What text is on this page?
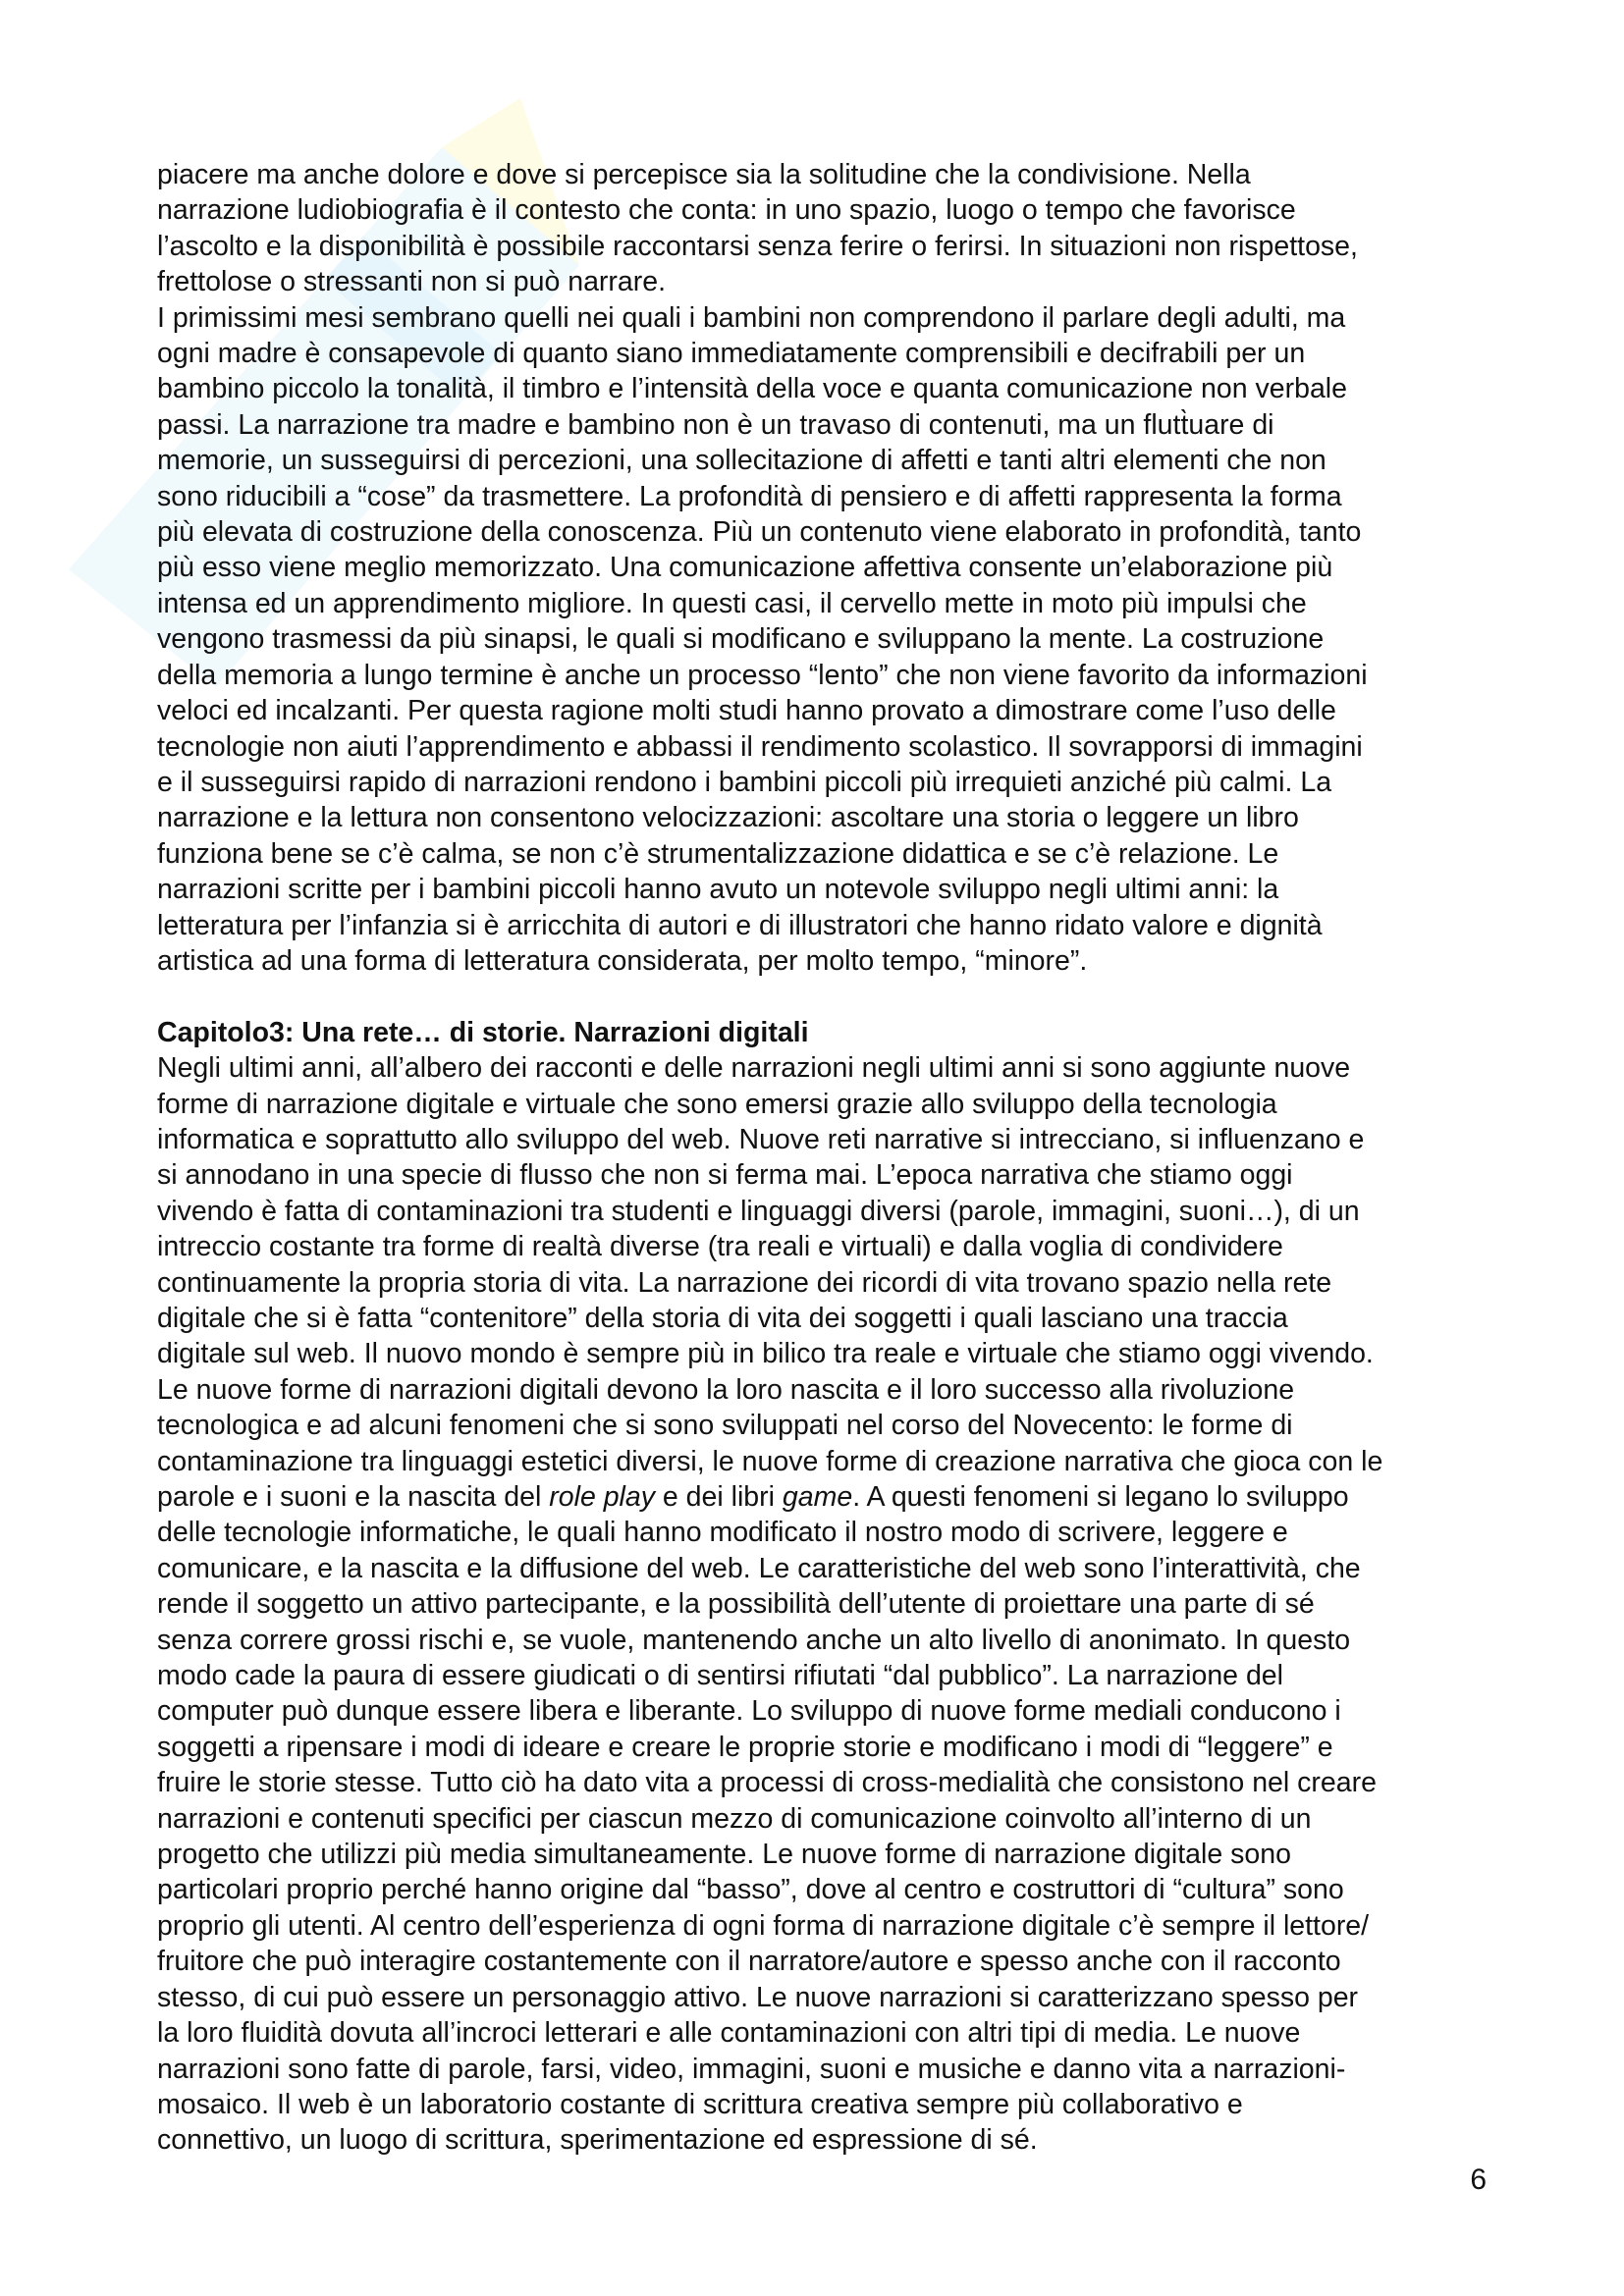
piacere ma anche dolore e dove si percepisce sia la solitudine che la condivisione. Nella
narrazione ludiobiografia è il contesto che conta: in uno spazio, luogo o tempo che favorisce
l’ascolto e la disponibilità è possibile raccontarsi senza ferire o ferirsi. In situazioni non rispettose,
frettolose o stressanti non si può narrare.
I primissimi mesi sembrano quelli nei quali i bambini non comprendono il parlare degli adulti, ma
ogni madre è consapevole di quanto siano immediatamente comprensibili e decifrabili per un
bambino piccolo la tonalità, il timbro e l’intensità della voce e quanta comunicazione non verbale
passi. La narrazione tra madre e bambino non è un travaso di contenuti, ma un flutt̀uare di
memorie, un susseguirsi di percezioni, una sollecitazione di affetti e tanti altri elementi che non
sono riducibili a “cose” da trasmettere. La profondità di pensiero e di affetti rappresenta la forma
più elevata di costruzione della conoscenza. Più un contenuto viene elaborato in profondità, tanto
più esso viene meglio memorizzato. Una comunicazione affettiva consente un’elaborazione più
intensa ed un apprendimento migliore. In questi casi, il cervello mette in moto più impulsi che
vengono trasmessi da più sinapsi, le quali si modificano e sviluppano la mente. La costruzione
della memoria a lungo termine è anche un processo “lento” che non viene favorito da informazioni
veloci ed incalzanti. Per questa ragione molti studi hanno provato a dimostrare come l’uso delle
tecnologie non aiuti l’apprendimento e abbassi il rendimento scolastico. Il sovrapporsi di immagini
e il susseguirsi rapido di narrazioni rendono i bambini piccoli più irrequieti anziché più calmi. La
narrazione e la lettura non consentono velocizzazioni: ascoltare una storia o leggere un libro
funziona bene se c’è calma, se non c’è strumentalizzazione didattica e se c’è relazione. Le
narrazioni scritte per i bambini piccoli hanno avuto un notevole sviluppo negli ultimi anni: la
letteratura per l’infanzia si è arricchita di autori e di illustratori che hanno ridato valore e dignità
artistica ad una forma di letteratura considerata, per molto tempo, “minore”.
Capitolo3: Una rete… di storie. Narrazioni digitali
Negli ultimi anni, all’albero dei racconti e delle narrazioni negli ultimi anni si sono aggiunte nuove
forme di narrazione digitale e virtuale che sono emersi grazie allo sviluppo della tecnologia
informatica e soprattutto allo sviluppo del web. Nuove reti narrative si intrecciano, si influenzano e
si annodano in una specie di flusso che non si ferma mai. L’epoca narrativa che stiamo oggi
vivendo è fatta di contaminazioni tra studenti e linguaggi diversi (parole, immagini, suoni…), di un
intreccio costante tra forme di realtà diverse (tra reali e virtuali) e dalla voglia di condividere
continuamente la propria storia di vita. La narrazione dei ricordi di vita trovano spazio nella rete
digitale che si è fatta “contenitore” della storia di vita dei soggetti i quali lasciano una traccia
digitale sul web. Il nuovo mondo è sempre più in bilico tra reale e virtuale che stiamo oggi vivendo.
Le nuove forme di narrazioni digitali devono la loro nascita e il loro successo alla rivoluzione
tecnologica e ad alcuni fenomeni che si sono sviluppati nel corso del Novecento: le forme di
contaminazione tra linguaggi estetici diversi, le nuove forme di creazione narrativa che gioca con le
parole e i suoni e la nascita del role play e dei libri game. A questi fenomeni si legano lo sviluppo
delle tecnologie informatiche, le quali hanno modificato il nostro modo di scrivere, leggere e
comunicare, e la nascita e la diffusione del web. Le caratteristiche del web sono l’interattività, che
rende il soggetto un attivo partecipante, e la possibilità dell’utente di proiettare una parte di sé
senza correre grossi rischi e, se vuole, mantenendo anche un alto livello di anonimato. In questo
modo cade la paura di essere giudicati o di sentirsi rifiutati “dal pubblico”. La narrazione del
computer può dunque essere libera e liberante. Lo sviluppo di nuove forme mediali conducono i
soggetti a ripensare i modi di ideare e creare le proprie storie e modificano i modi di “leggere” e
fruire le storie stesse. Tutto ciò ha dato vita a processi di cross-medialità che consistono nel creare
narrazioni e contenuti specifici per ciascun mezzo di comunicazione coinvolto all’interno di un
progetto che utilizzi più media simultaneamente. Le nuove forme di narrazione digitale sono
particolari proprio perché hanno origine dal “basso”, dove al centro e costruttori di “cultura” sono
proprio gli utenti. Al centro dell’esperienza di ogni forma di narrazione digitale c’è sempre il lettore/
fruitore che può interagire costantemente con il narratore/autore e spesso anche con il racconto
stesso, di cui può essere un personaggio attivo. Le nuove narrazioni si caratterizzano spesso per
la loro fluidità dovuta all’incroci letterari e alle contaminazioni con altri tipi di media. Le nuove
narrazioni sono fatte di parole, farsi, video, immagini, suoni e musiche e danno vita a narrazioni-
mosaico. Il web è un laboratorio costante di scrittura creativa sempre più collaborativo e
connettivo, un luogo di scrittura, sperimentazione ed espressione di sé.
6
